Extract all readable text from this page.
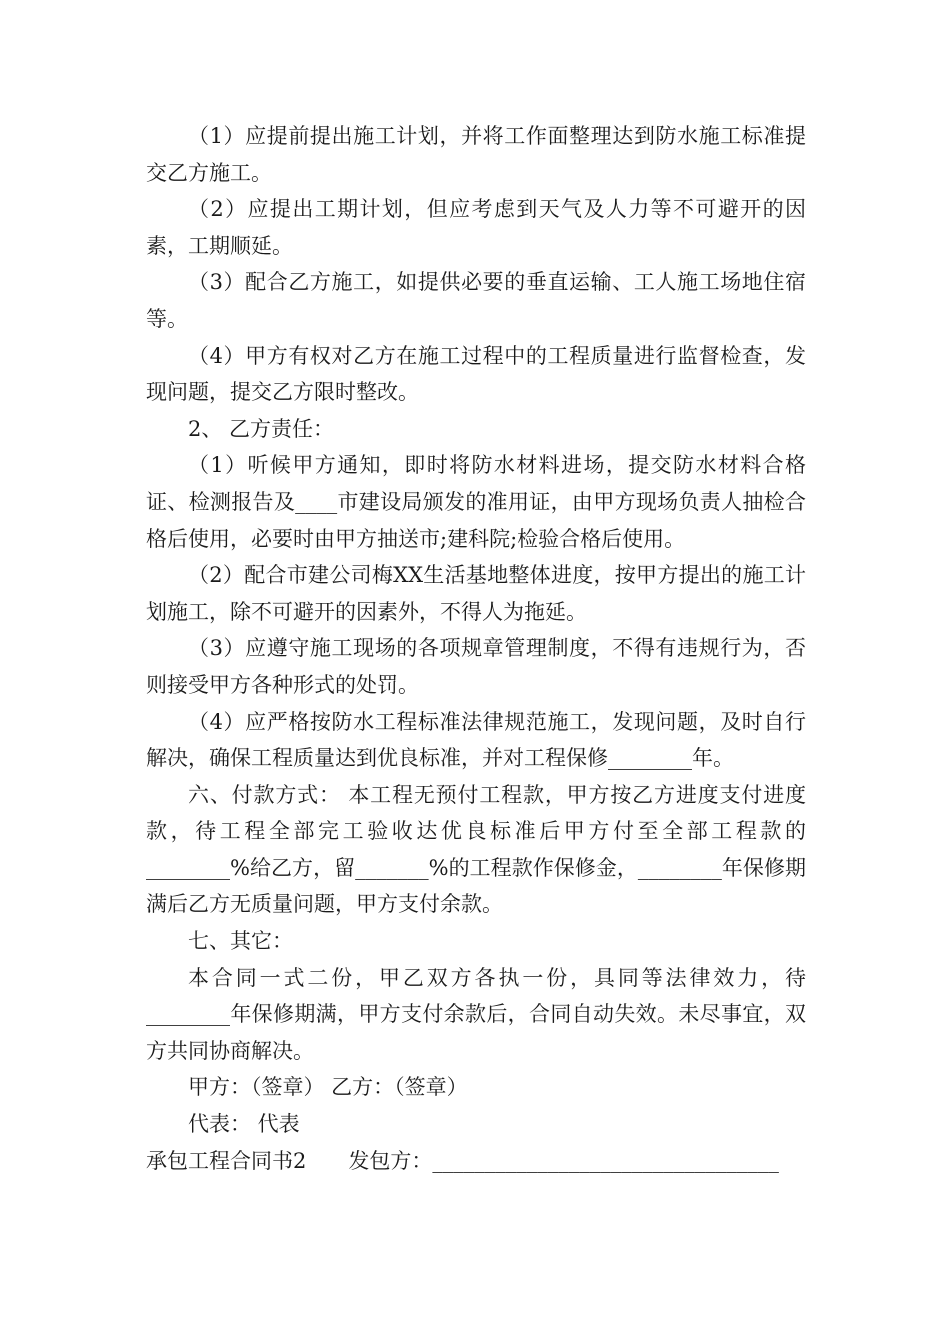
（1）应提前提出施工计划，并将工作面整理达到防水施工标准提交乙方施工。

（2）应提出工期计划，但应考虑到天气及人力等不可避开的因素，工期顺延。

（3）配合乙方施工，如提供必要的垂直运输、工人施工场地住宿等。

（4）甲方有权对乙方在施工过程中的工程质量进行监督检查，发现问题，提交乙方限时整改。

2、 乙方责任：

（1）听候甲方通知，即时将防水材料进场，提交防水材料合格证、检测报告及____市建设局颁发的准用证，由甲方现场负责人抽检合格后使用，必要时由甲方抽送市;建科院;检验合格后使用。

（2）配合市建公司梅XX生活基地整体进度，按甲方提出的施工计划施工，除不可避开的因素外，不得人为拖延。

（3）应遵守施工现场的各项规章管理制度，不得有违规行为，否则接受甲方各种形式的处罚。

（4）应严格按防水工程标准法律规范施工，发现问题，及时自行解决，确保工程质量达到优良标准，并对工程保修________年。

六、付款方式： 本工程无预付工程款，甲方按乙方进度支付进度款，待工程全部完工验收达优良标准后甲方付至全部工程款的________%给乙方，留_______%的工程款作保修金，________年保修期满后乙方无质量问题，甲方支付余款。

七、其它：

本合同一式二份，甲乙双方各执一份，具同等法律效力，待________年保修期满，甲方支付余款后，合同自动失效。未尽事宜，双方共同协商解决。

甲方：（签章） 乙方：（签章）

代表： 代表

承包工程合同书2 发包方：_________________________________
